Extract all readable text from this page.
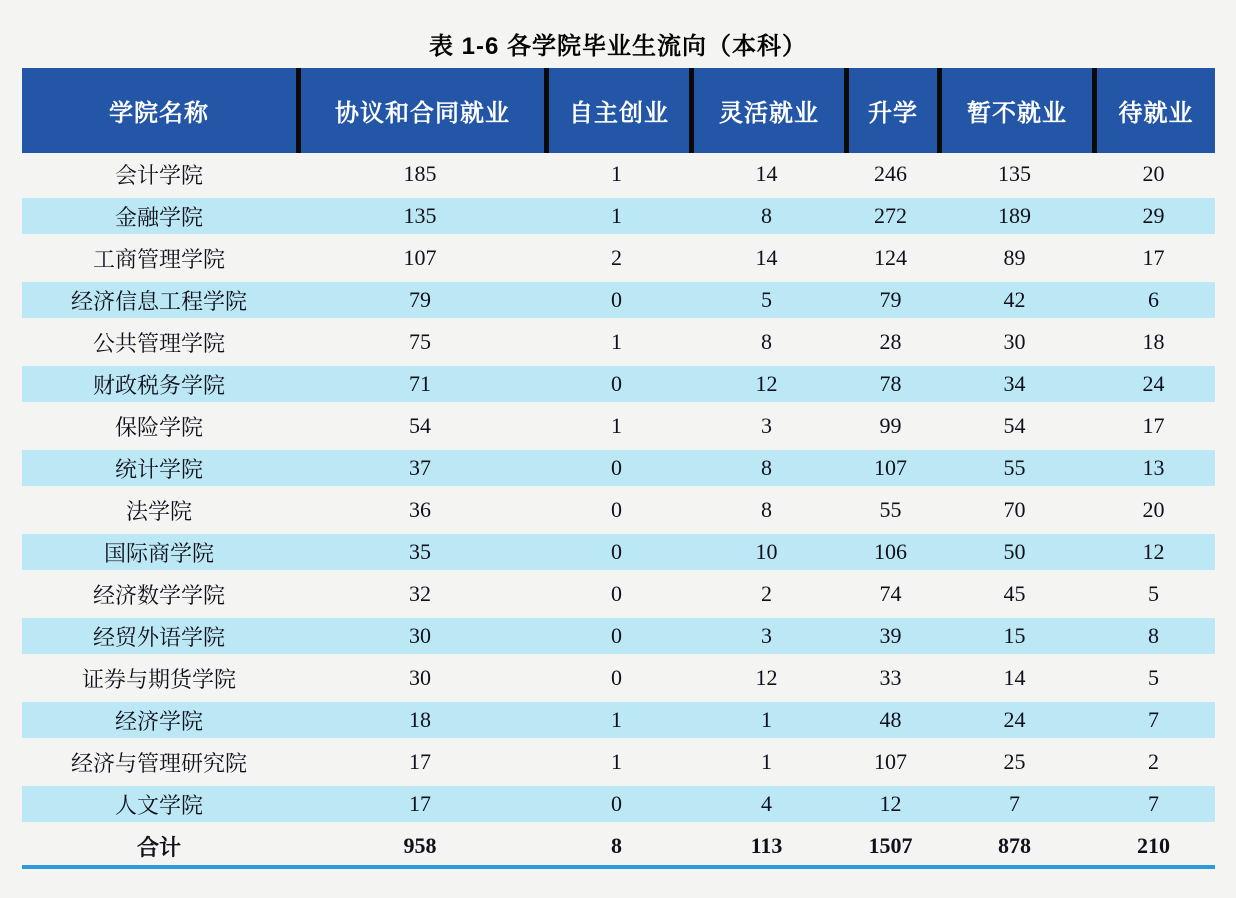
表 1-6 各学院毕业生流向（本科）
学院名称	协议和合同就业	自主创业	灵活就业	升学	暂不就业	待就业
会计学院	185	1	14	246	135	20
金融学院	135	1	8	272	189	29
工商管理学院	107	2	14	124	89	17
经济信息工程学院	79	0	5	79	42	6
公共管理学院	75	1	8	28	30	18
财政税务学院	71	0	12	78	34	24
保险学院	54	1	3	99	54	17
统计学院	37	0	8	107	55	13
法学院	36	0	8	55	70	20
国际商学院	35	0	10	106	50	12
经济数学学院	32	0	2	74	45	5
经贸外语学院	30	0	3	39	15	8
证券与期货学院	30	0	12	33	14	5
经济学院	18	1	1	48	24	7
经济与管理研究院	17	1	1	107	25	2
人文学院	17	0	4	12	7	7
合计	958	8	113	1507	878	210
